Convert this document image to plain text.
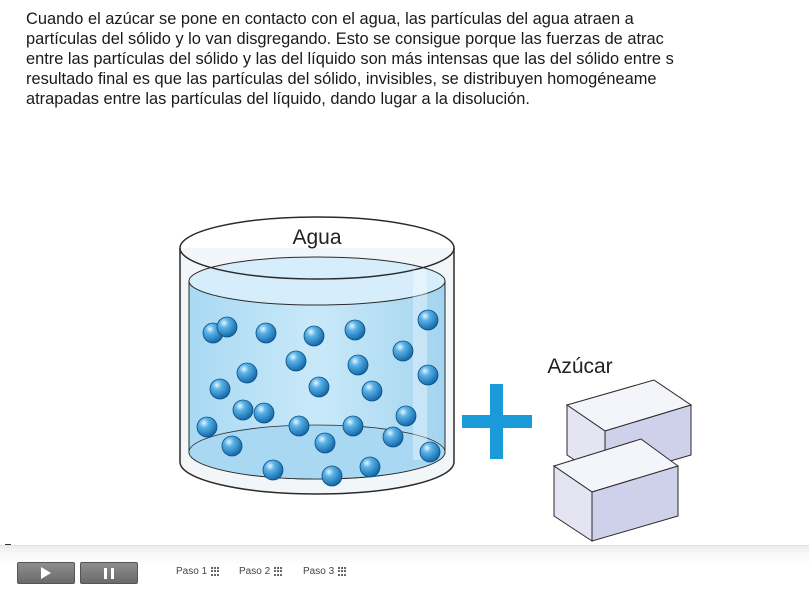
Cuando el azúcar se pone en contacto con el agua, las partículas del agua atraen a
partículas del sólido y lo van disgregando. Esto se consigue porque las fuerzas de atrac
entre las partículas del sólido y las del líquido son más intensas que las del sólido entre s
resultado final es que las partículas del sólido, invisibles, se distribuyen homogéneame
atrapadas entre las partículas del líquido, dando lugar a la disolución.
Agua
Azúcar
Paso 1	Paso 2	Paso 3
